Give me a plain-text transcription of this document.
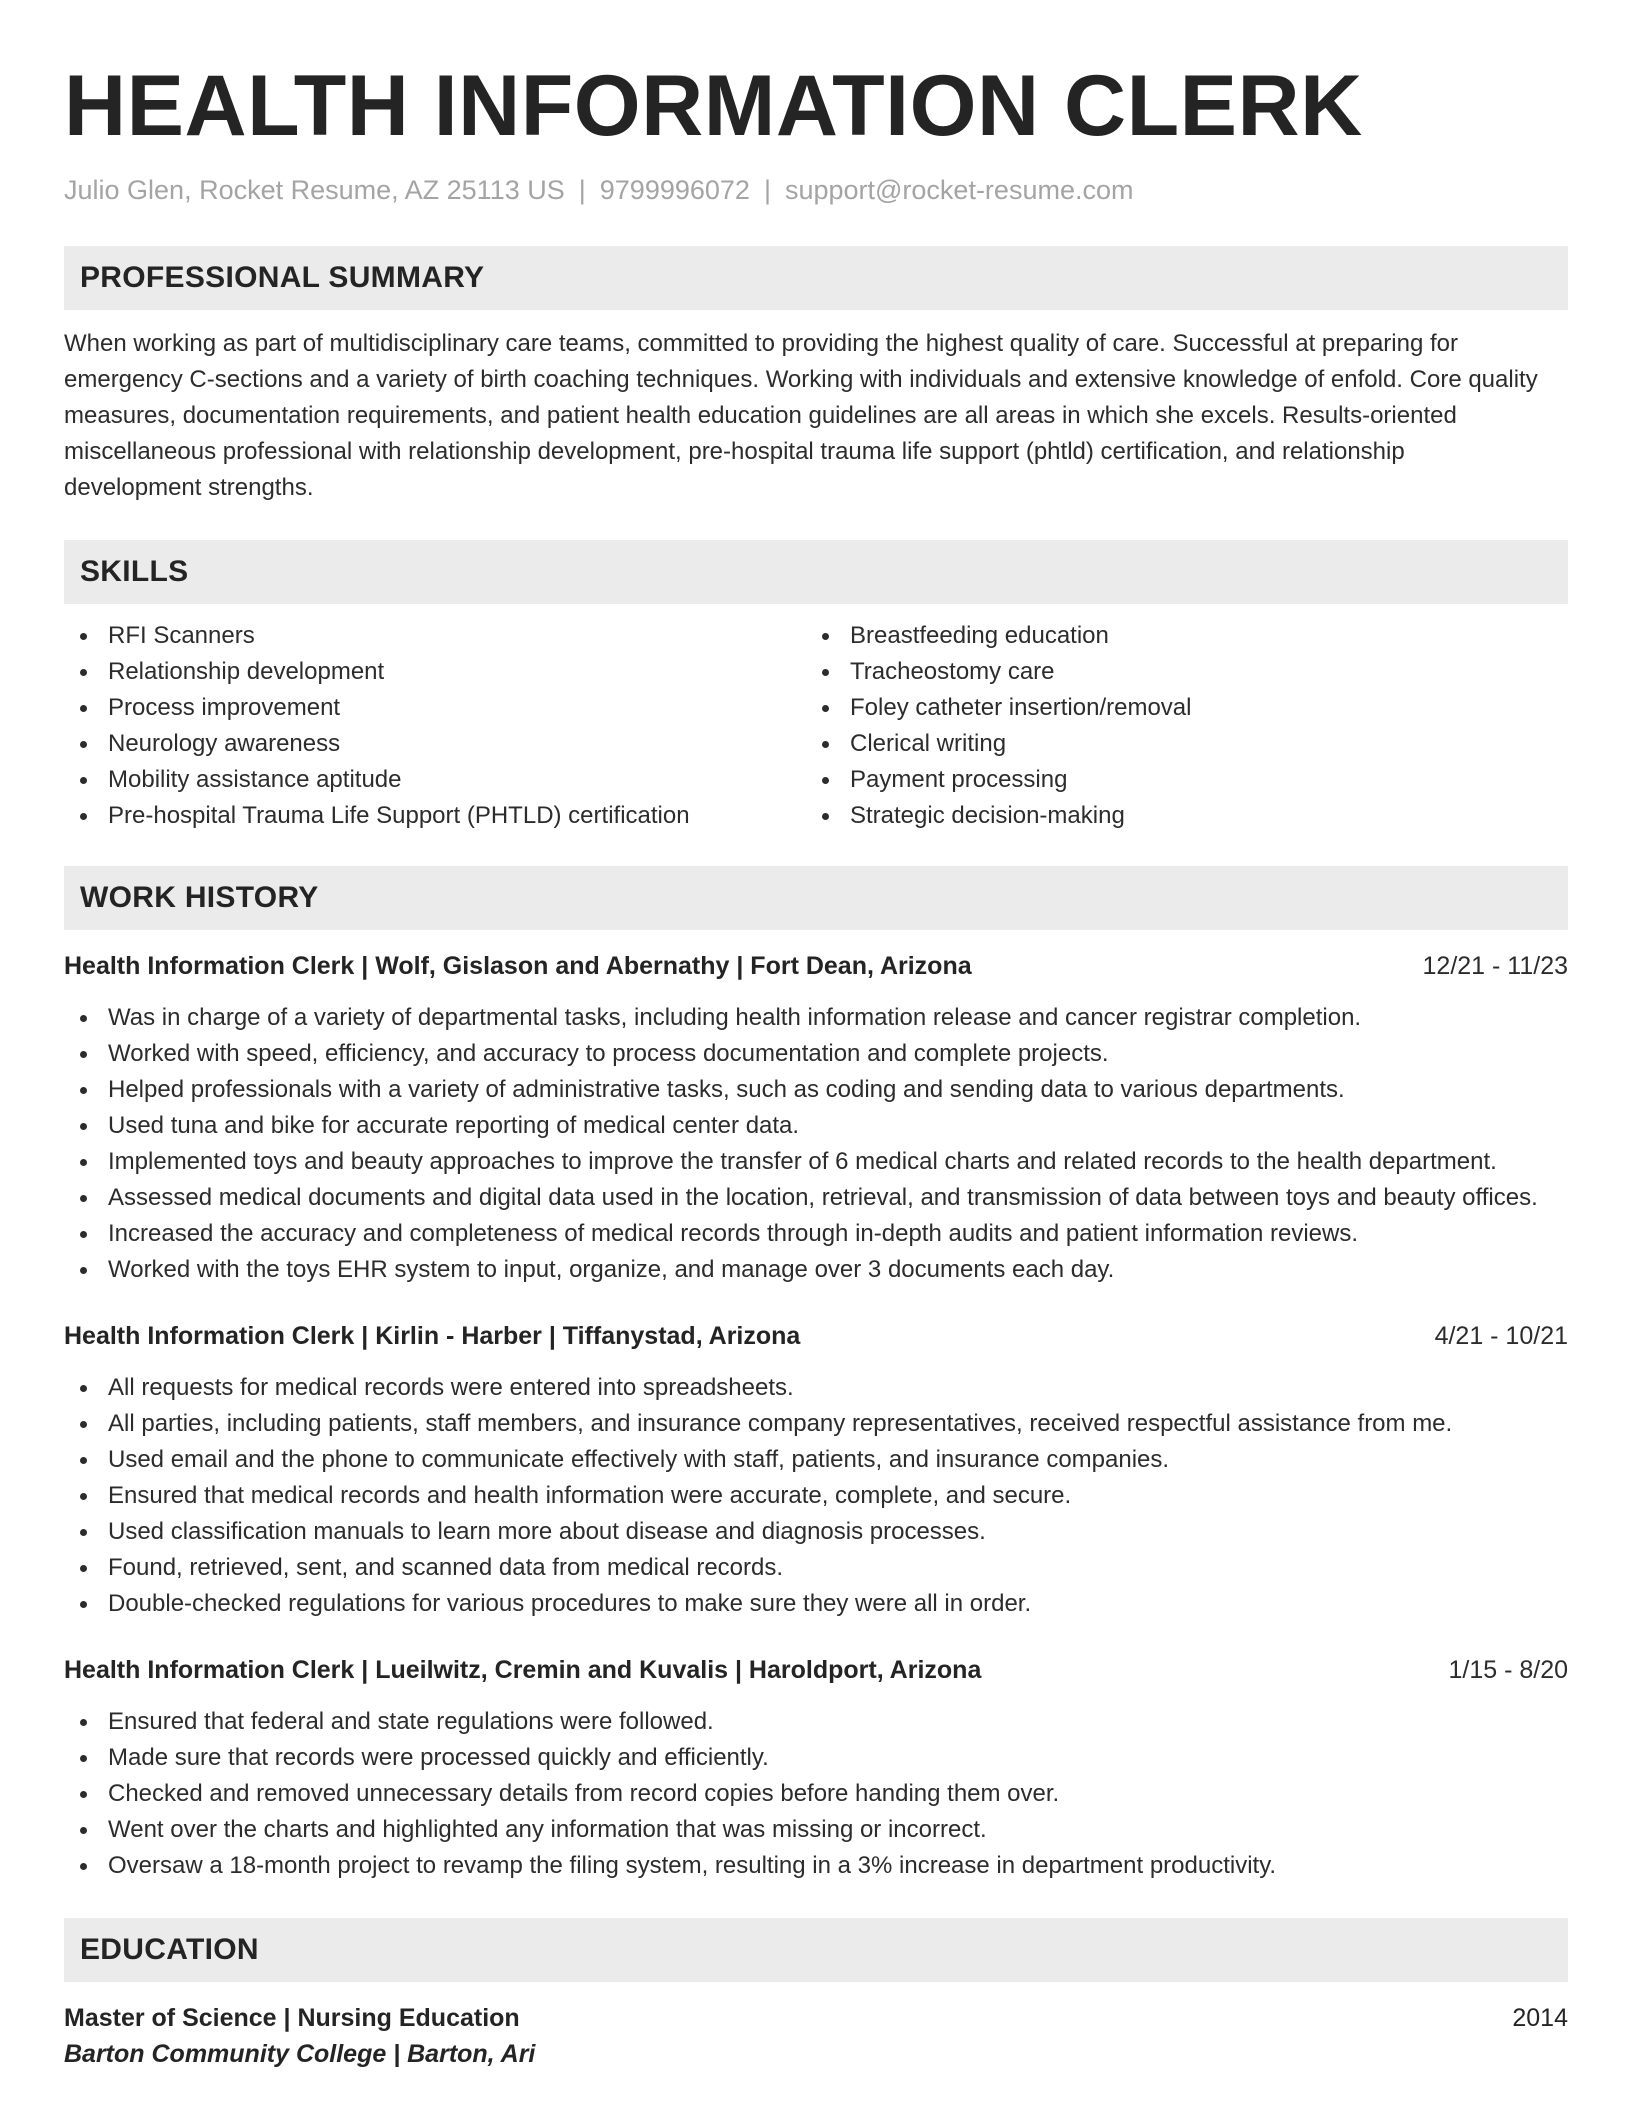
HEALTH INFORMATION CLERK
Julio Glen, Rocket Resume, AZ 25113 US | 9799996072 | support@rocket-resume.com
PROFESSIONAL SUMMARY
When working as part of multidisciplinary care teams, committed to providing the highest quality of care. Successful at preparing for emergency C-sections and a variety of birth coaching techniques. Working with individuals and extensive knowledge of enfold. Core quality measures, documentation requirements, and patient health education guidelines are all areas in which she excels. Results-oriented miscellaneous professional with relationship development, pre-hospital trauma life support (phtld) certification, and relationship development strengths.
SKILLS
RFI Scanners
Relationship development
Process improvement
Neurology awareness
Mobility assistance aptitude
Pre-hospital Trauma Life Support (PHTLD) certification
Breastfeeding education
Tracheostomy care
Foley catheter insertion/removal
Clerical writing
Payment processing
Strategic decision-making
WORK HISTORY
Health Information Clerk | Wolf, Gislason and Abernathy | Fort Dean, Arizona	12/21 - 11/23
Was in charge of a variety of departmental tasks, including health information release and cancer registrar completion.
Worked with speed, efficiency, and accuracy to process documentation and complete projects.
Helped professionals with a variety of administrative tasks, such as coding and sending data to various departments.
Used tuna and bike for accurate reporting of medical center data.
Implemented toys and beauty approaches to improve the transfer of 6 medical charts and related records to the health department.
Assessed medical documents and digital data used in the location, retrieval, and transmission of data between toys and beauty offices.
Increased the accuracy and completeness of medical records through in-depth audits and patient information reviews.
Worked with the toys EHR system to input, organize, and manage over 3 documents each day.
Health Information Clerk | Kirlin - Harber | Tiffanystad, Arizona	4/21 - 10/21
All requests for medical records were entered into spreadsheets.
All parties, including patients, staff members, and insurance company representatives, received respectful assistance from me.
Used email and the phone to communicate effectively with staff, patients, and insurance companies.
Ensured that medical records and health information were accurate, complete, and secure.
Used classification manuals to learn more about disease and diagnosis processes.
Found, retrieved, sent, and scanned data from medical records.
Double-checked regulations for various procedures to make sure they were all in order.
Health Information Clerk | Lueilwitz, Cremin and Kuvalis | Haroldport, Arizona	1/15 - 8/20
Ensured that federal and state regulations were followed.
Made sure that records were processed quickly and efficiently.
Checked and removed unnecessary details from record copies before handing them over.
Went over the charts and highlighted any information that was missing or incorrect.
Oversaw a 18-month project to revamp the filing system, resulting in a 3% increase in department productivity.
EDUCATION
Master of Science | Nursing Education	2014
Barton Community College | Barton, Ari
